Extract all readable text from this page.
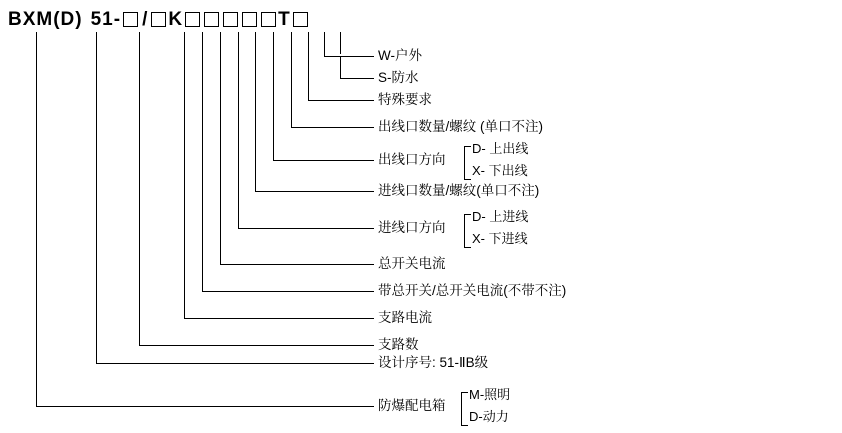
BXM(D) 51- / K	T
W-户外
S-防水
特殊要求
出线口数量/螺纹 (单口不注)
出线口方向
D- 上出线
X- 下出线
进线口数量/螺纹(单口不注)
进线口方向
D- 上进线
X- 下进线
总开关电流
带总开关/总开关电流(不带不注)
支路电流
支路数
设计序号: 51-ⅡB级
防爆配电箱
M-照明
D-动力
